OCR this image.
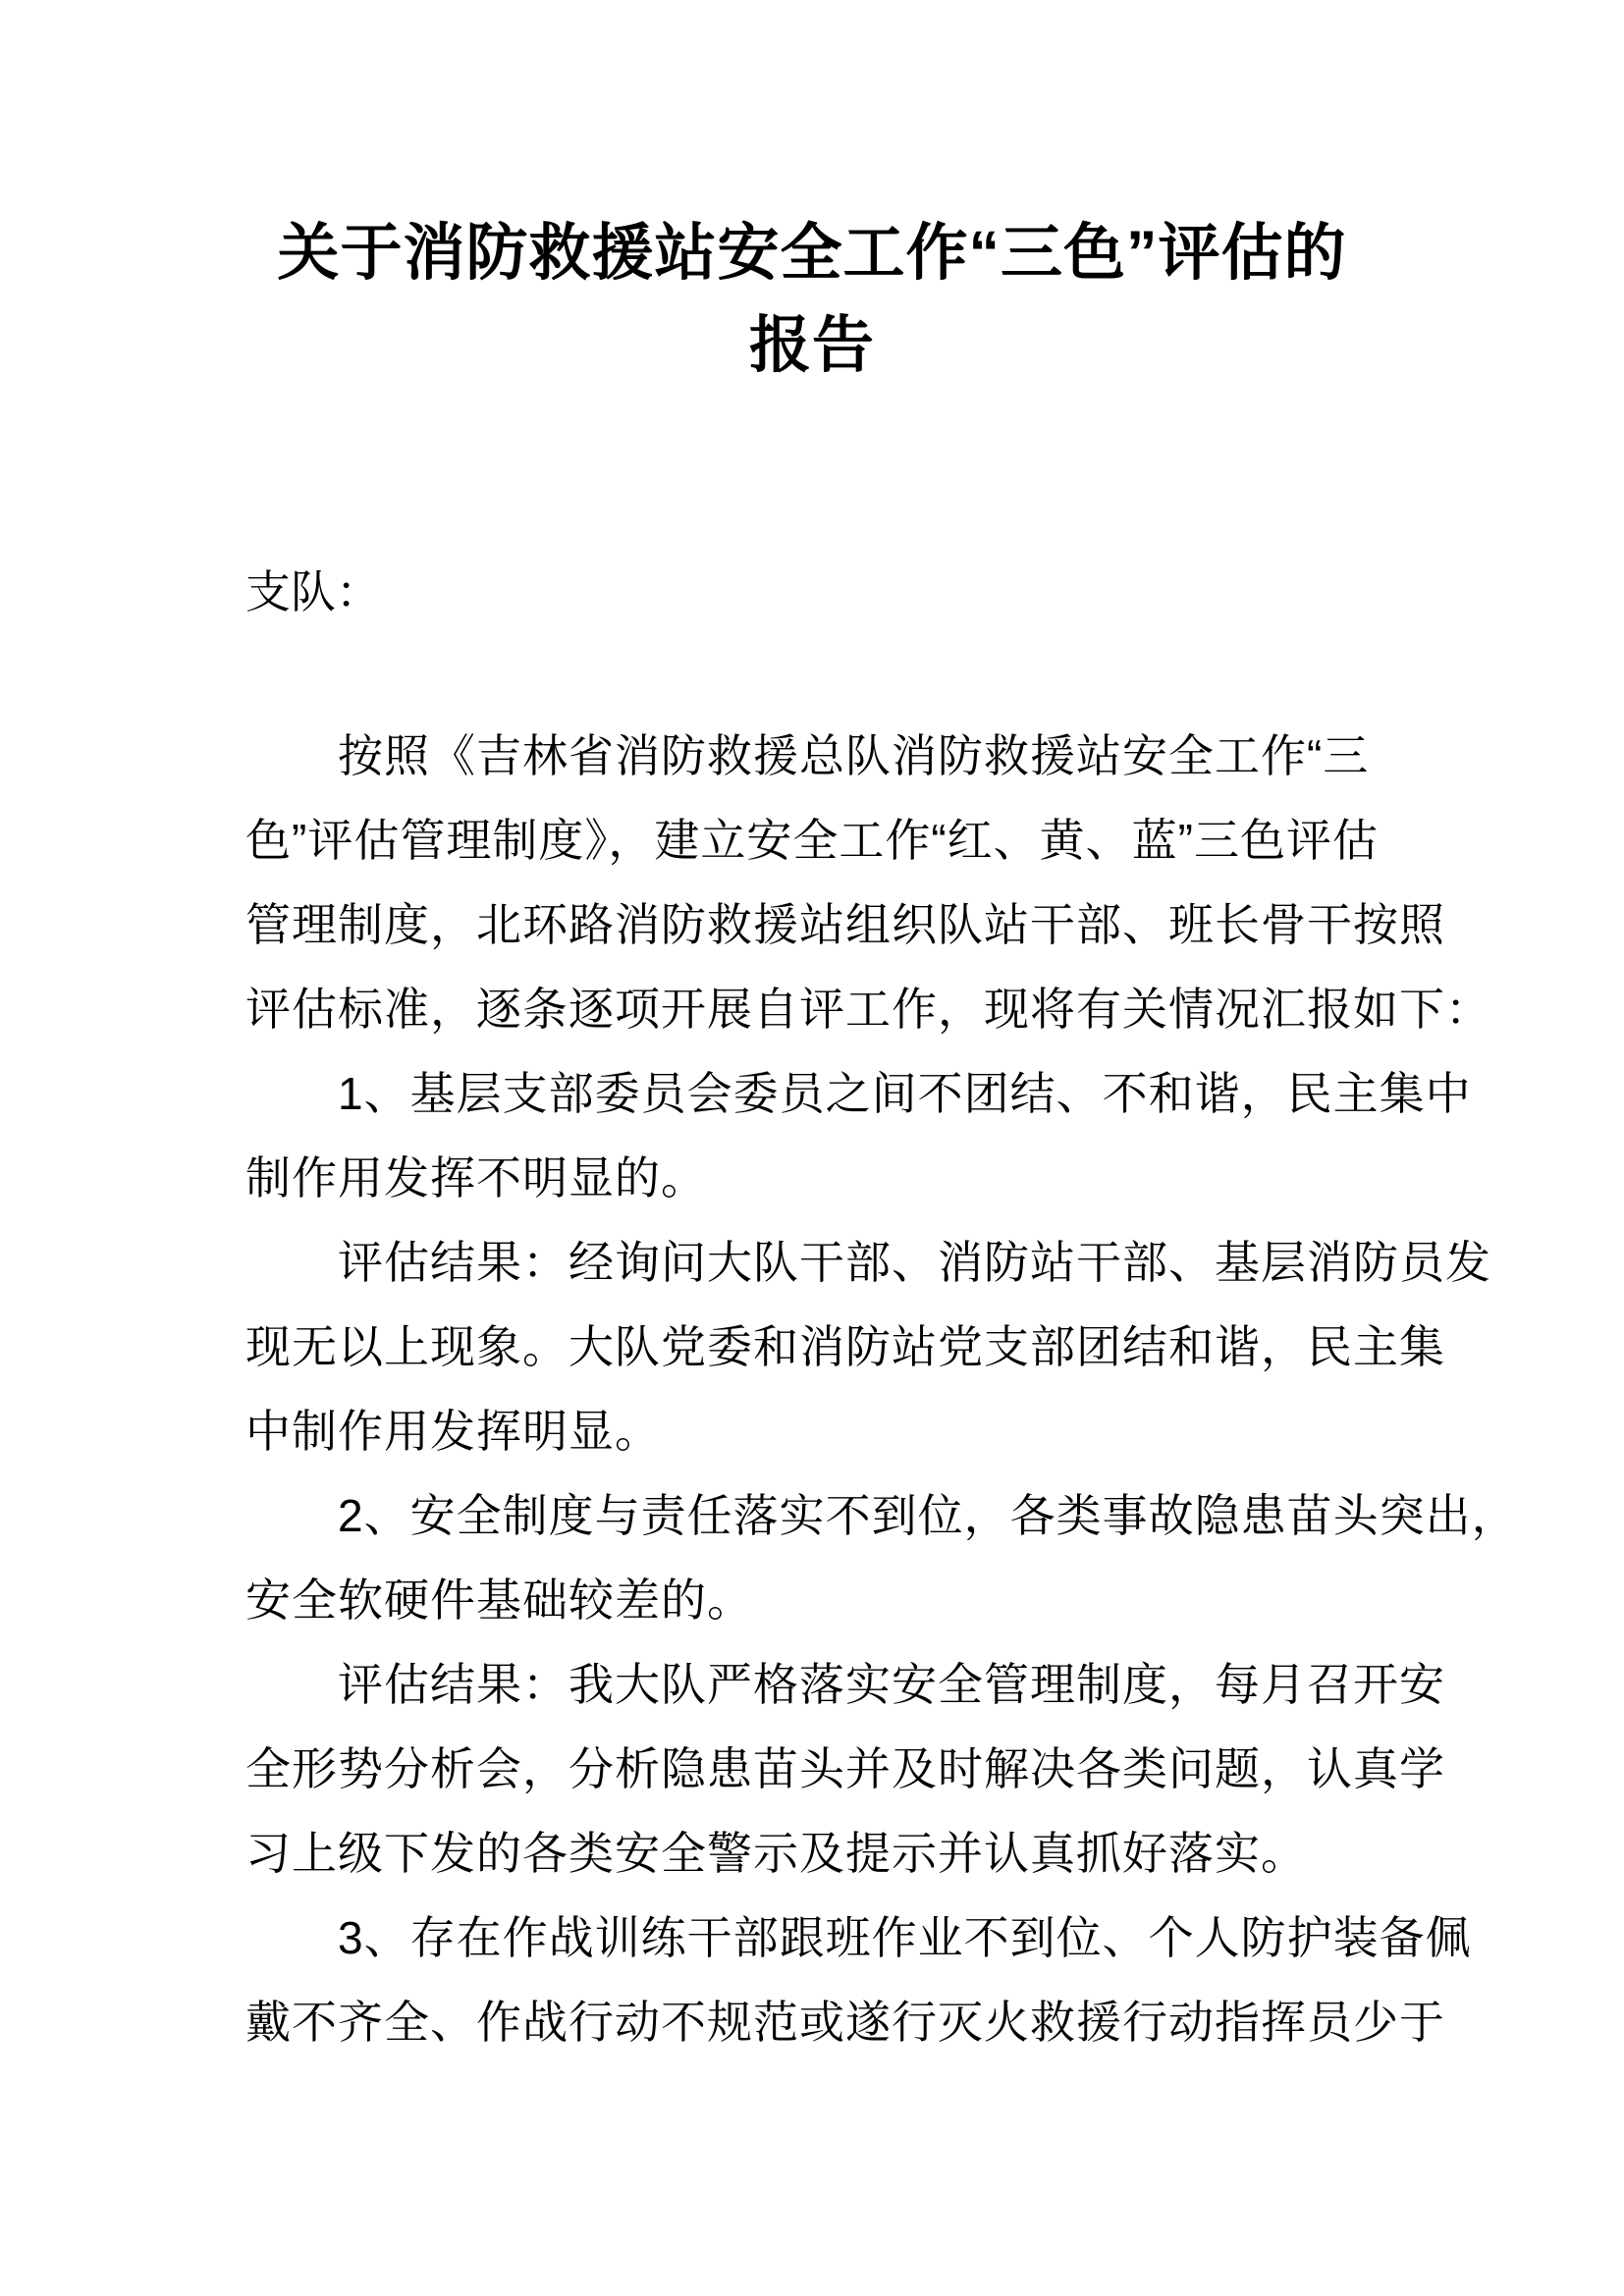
关于消防救援站安全工作“三色”评估的
报告
支队：
按照《吉林省消防救援总队消防救援站安全工作“三
色”评估管理制度》，建立安全工作“红、黄、蓝”三色评估
管理制度，北环路消防救援站组织队站干部、班长骨干按照
评估标准，逐条逐项开展自评工作，现将有关情况汇报如下：
1、基层支部委员会委员之间不团结、不和谐，民主集中
制作用发挥不明显的。
评估结果：经询问大队干部、消防站干部、基层消防员发
现无以上现象。大队党委和消防站党支部团结和谐，民主集
中制作用发挥明显。
2、安全制度与责任落实不到位，各类事故隐患苗头突出，
安全软硬件基础较差的。
评估结果：我大队严格落实安全管理制度，每月召开安
全形势分析会，分析隐患苗头并及时解决各类问题，认真学
习上级下发的各类安全警示及提示并认真抓好落实。
3、存在作战训练干部跟班作业不到位、个人防护装备佩
戴不齐全、作战行动不规范或遂行灭火救援行动指挥员少于
